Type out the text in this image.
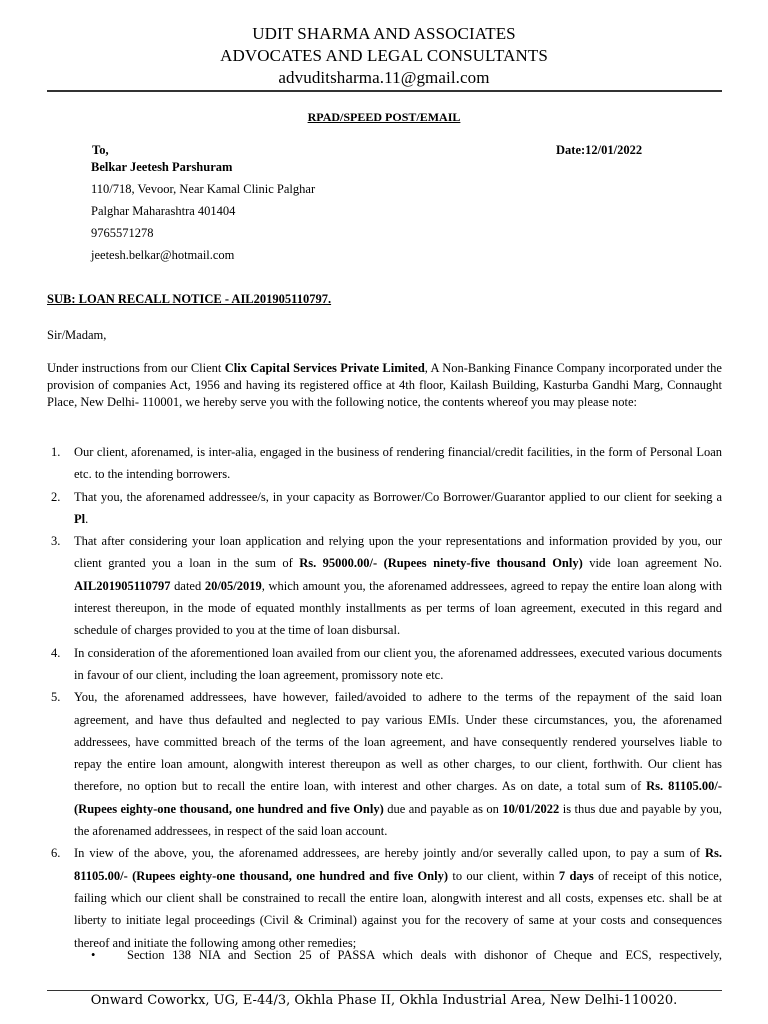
UDIT SHARMA AND ASSOCIATES
ADVOCATES AND LEGAL CONSULTANTS
advuditsharma.11@gmail.com
RPAD/SPEED POST/EMAIL
To,	Date:12/01/2022
Belkar Jeetesh Parshuram
110/718, Vevoor, Near Kamal Clinic Palghar
Palghar Maharashtra 401404
9765571278
jeetesh.belkar@hotmail.com
SUB: LOAN RECALL NOTICE - AIL201905110797.
Sir/Madam,
Under instructions from our Client Clix Capital Services Private Limited, A Non-Banking Finance Company incorporated under the provision of companies Act, 1956 and having its registered office at 4th floor, Kailash Building, Kasturba Gandhi Marg, Connaught Place, New Delhi- 110001, we hereby serve you with the following notice, the contents whereof you may please note:
1. Our client, aforenamed, is inter-alia, engaged in the business of rendering financial/credit facilities, in the form of Personal Loan etc. to the intending borrowers.
2. That you, the aforenamed addressee/s, in your capacity as Borrower/Co Borrower/Guarantor applied to our client for seeking a Pl.
3. That after considering your loan application and relying upon the your representations and information provided by you, our client granted you a loan in the sum of Rs. 95000.00/- (Rupees ninety-five thousand Only) vide loan agreement No. AIL201905110797 dated 20/05/2019, which amount you, the aforenamed addressees, agreed to repay the entire loan along with interest thereupon, in the mode of equated monthly installments as per terms of loan agreement, executed in this regard and schedule of charges provided to you at the time of loan disbursal.
4. In consideration of the aforementioned loan availed from our client you, the aforenamed addressees, executed various documents in favour of our client, including the loan agreement, promissory note etc.
5. You, the aforenamed addressees, have however, failed/avoided to adhere to the terms of the repayment of the said loan agreement, and have thus defaulted and neglected to pay various EMIs. Under these circumstances, you, the aforenamed addressees, have committed breach of the terms of the loan agreement, and have consequently rendered yourselves liable to repay the entire loan amount, alongwith interest thereupon as well as other charges, to our client, forthwith. Our client has therefore, no option but to recall the entire loan, with interest and other charges. As on date, a total sum of Rs. 81105.00/- (Rupees eighty-one thousand, one hundred and five Only) due and payable as on 10/01/2022 is thus due and payable by you, the aforenamed addressees, in respect of the said loan account.
6. In view of the above, you, the aforenamed addressees, are hereby jointly and/or severally called upon, to pay a sum of Rs. 81105.00/- (Rupees eighty-one thousand, one hundred and five Only) to our client, within 7 days of receipt of this notice, failing which our client shall be constrained to recall the entire loan, alongwith interest and all costs, expenses etc. shall be at liberty to initiate legal proceedings (Civil & Criminal) against you for the recovery of same at your costs and consequences thereof and initiate the following among other remedies;
•	Section 138 NIA and Section 25 of PASSA which deals with dishonor of Cheque and ECS, respectively,
Onward Coworkx, UG, E-44/3, Okhla Phase II, Okhla Industrial Area, New Delhi-110020.
